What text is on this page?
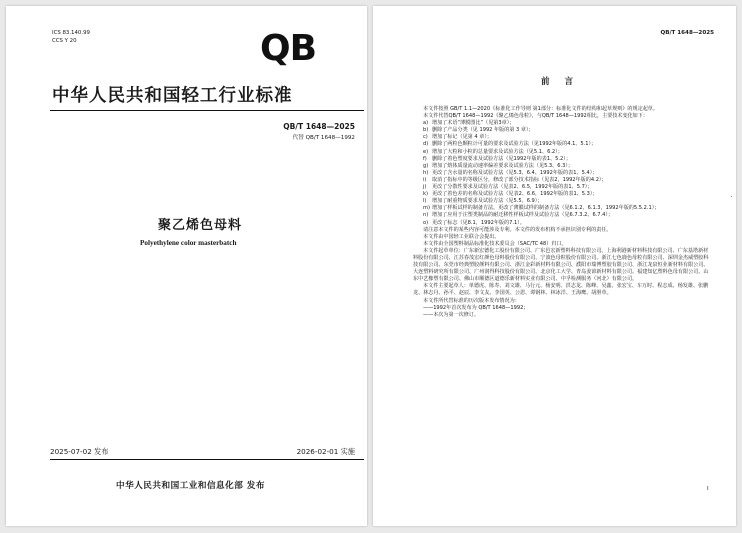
ICS 83.140.99
CCS Y 20	QB
中华人民共和国轻工行业标准
QB/T 1648—2025
代替 QB/T 1648—1992
聚乙烯色母料
Polyethylene color masterbatch
2025-07-02 发布	2026-02-01 实施
中华人民共和国工业和信息化部 发布
QB/T 1648—2025
前 言

本文件按照 GB/T 1.1—2020《标准化工作导则 第1部分：标准化文件的结构和起草规则》的规定起草。

本文件代替QB/T 1648—1992《聚乙烯色母粒》，与QB/T 1648—1992相比，主要技术变化如下：

a) 增加了术语“薄膜图比”（见第3章）；
b) 删除了产品分类（见 1992 年版的第 3 章）；
c) 增加了标记（见第 4 章）；
d) 删除了两粒色颗粒计可量的要求及试验方法（见1992年版的4.1、5.1）；
e) 增加了大粒和小粒的总量要求及试验方法（见5.1、6.2）；
f) 删除了着色塑度要求及试验方法（见1992年版的表1、5.2）；
g) 增加了熔体质量流动速率偏差要求及试验方法（见5.3、6.3）；
h) 更改了含水量的名称及试验方法（见5.3、6.4、1992年版的表1、5.4）；
i) 取消了指标中的等级区分，修改了部分技术指标（见表2，1992年版的4.2）；
j) 更改了分散性要求及试验方法（见表2、6.5，1992年版的表1、5.7）；
k) 更改了着色差的名称及试验方法（见表2、6.6，1992年版的表1、5.3）；
l) 增加了耐重物质要求及试验方法（见5.5、6.9）；
m) 增加了样板试样的制备方法，更改了薄膜试样的制备方法（见6.1.2、6.1.3，1992年版的5.5.2.1）；
n) 增加了应用于注塑类制品的耐迁移性样板试样及试验方法（见6.7.3.2、6.7.4）；
o) 更改了标志（见8.1，1992年版的7.1）。

请注意本文件的某些内容可能涉及专利。本文件的发布机构不承担识别专利的责任。

本文件由中国轻工业联合会提出。

本文件由全国塑料制品标准化技术委员会（SAC/TC 48）归口。

本文件起草单位：广东新宏德化工股份有限公司、广东邑宏新塑料科技有限公司、上海利港新材料科技有限公司、广东基塔新材料股份有限公司、江苏春茂宏红颜色母料股份有限公司、宁波色母粒股份有限公司、浙江七色鹿色母粒有限公司、深圳金杰威塑胶科技有限公司、东莞市经典塑胶颜料有限公司、浙江金彩新材料有限公司、濮阳市瑞博塑胶有限公司、浙江龙泉恒业新材料有限公司、大连塑料研究所有限公司、广州润得科技股份有限公司、北京化工大学、青岛姜谚新材料有限公司、福建知亿塑料色母有限公司、山东中艺橡塑有限公司、佛山市顺德区道德乐新材料实业有限公司、中孚检测服务（河北）有限公司。

本文件主要起草人：单德虎、陈寿、刘文雄、马行元、杨安明、洪志龙、陈峰、吴鑫、张宏宝、车万时、程志成、杨发雄、张鹏龙、林志丹、孙平、赵辰、李文友、李国英、公恩、谭钢林、林冰洋、王海鹰、胡胆草。

本文件所代替标准的历次版本发布情况为：

——1992年首次发布为 QB/T 1648—1992；

——本次为第一次修订。

I
